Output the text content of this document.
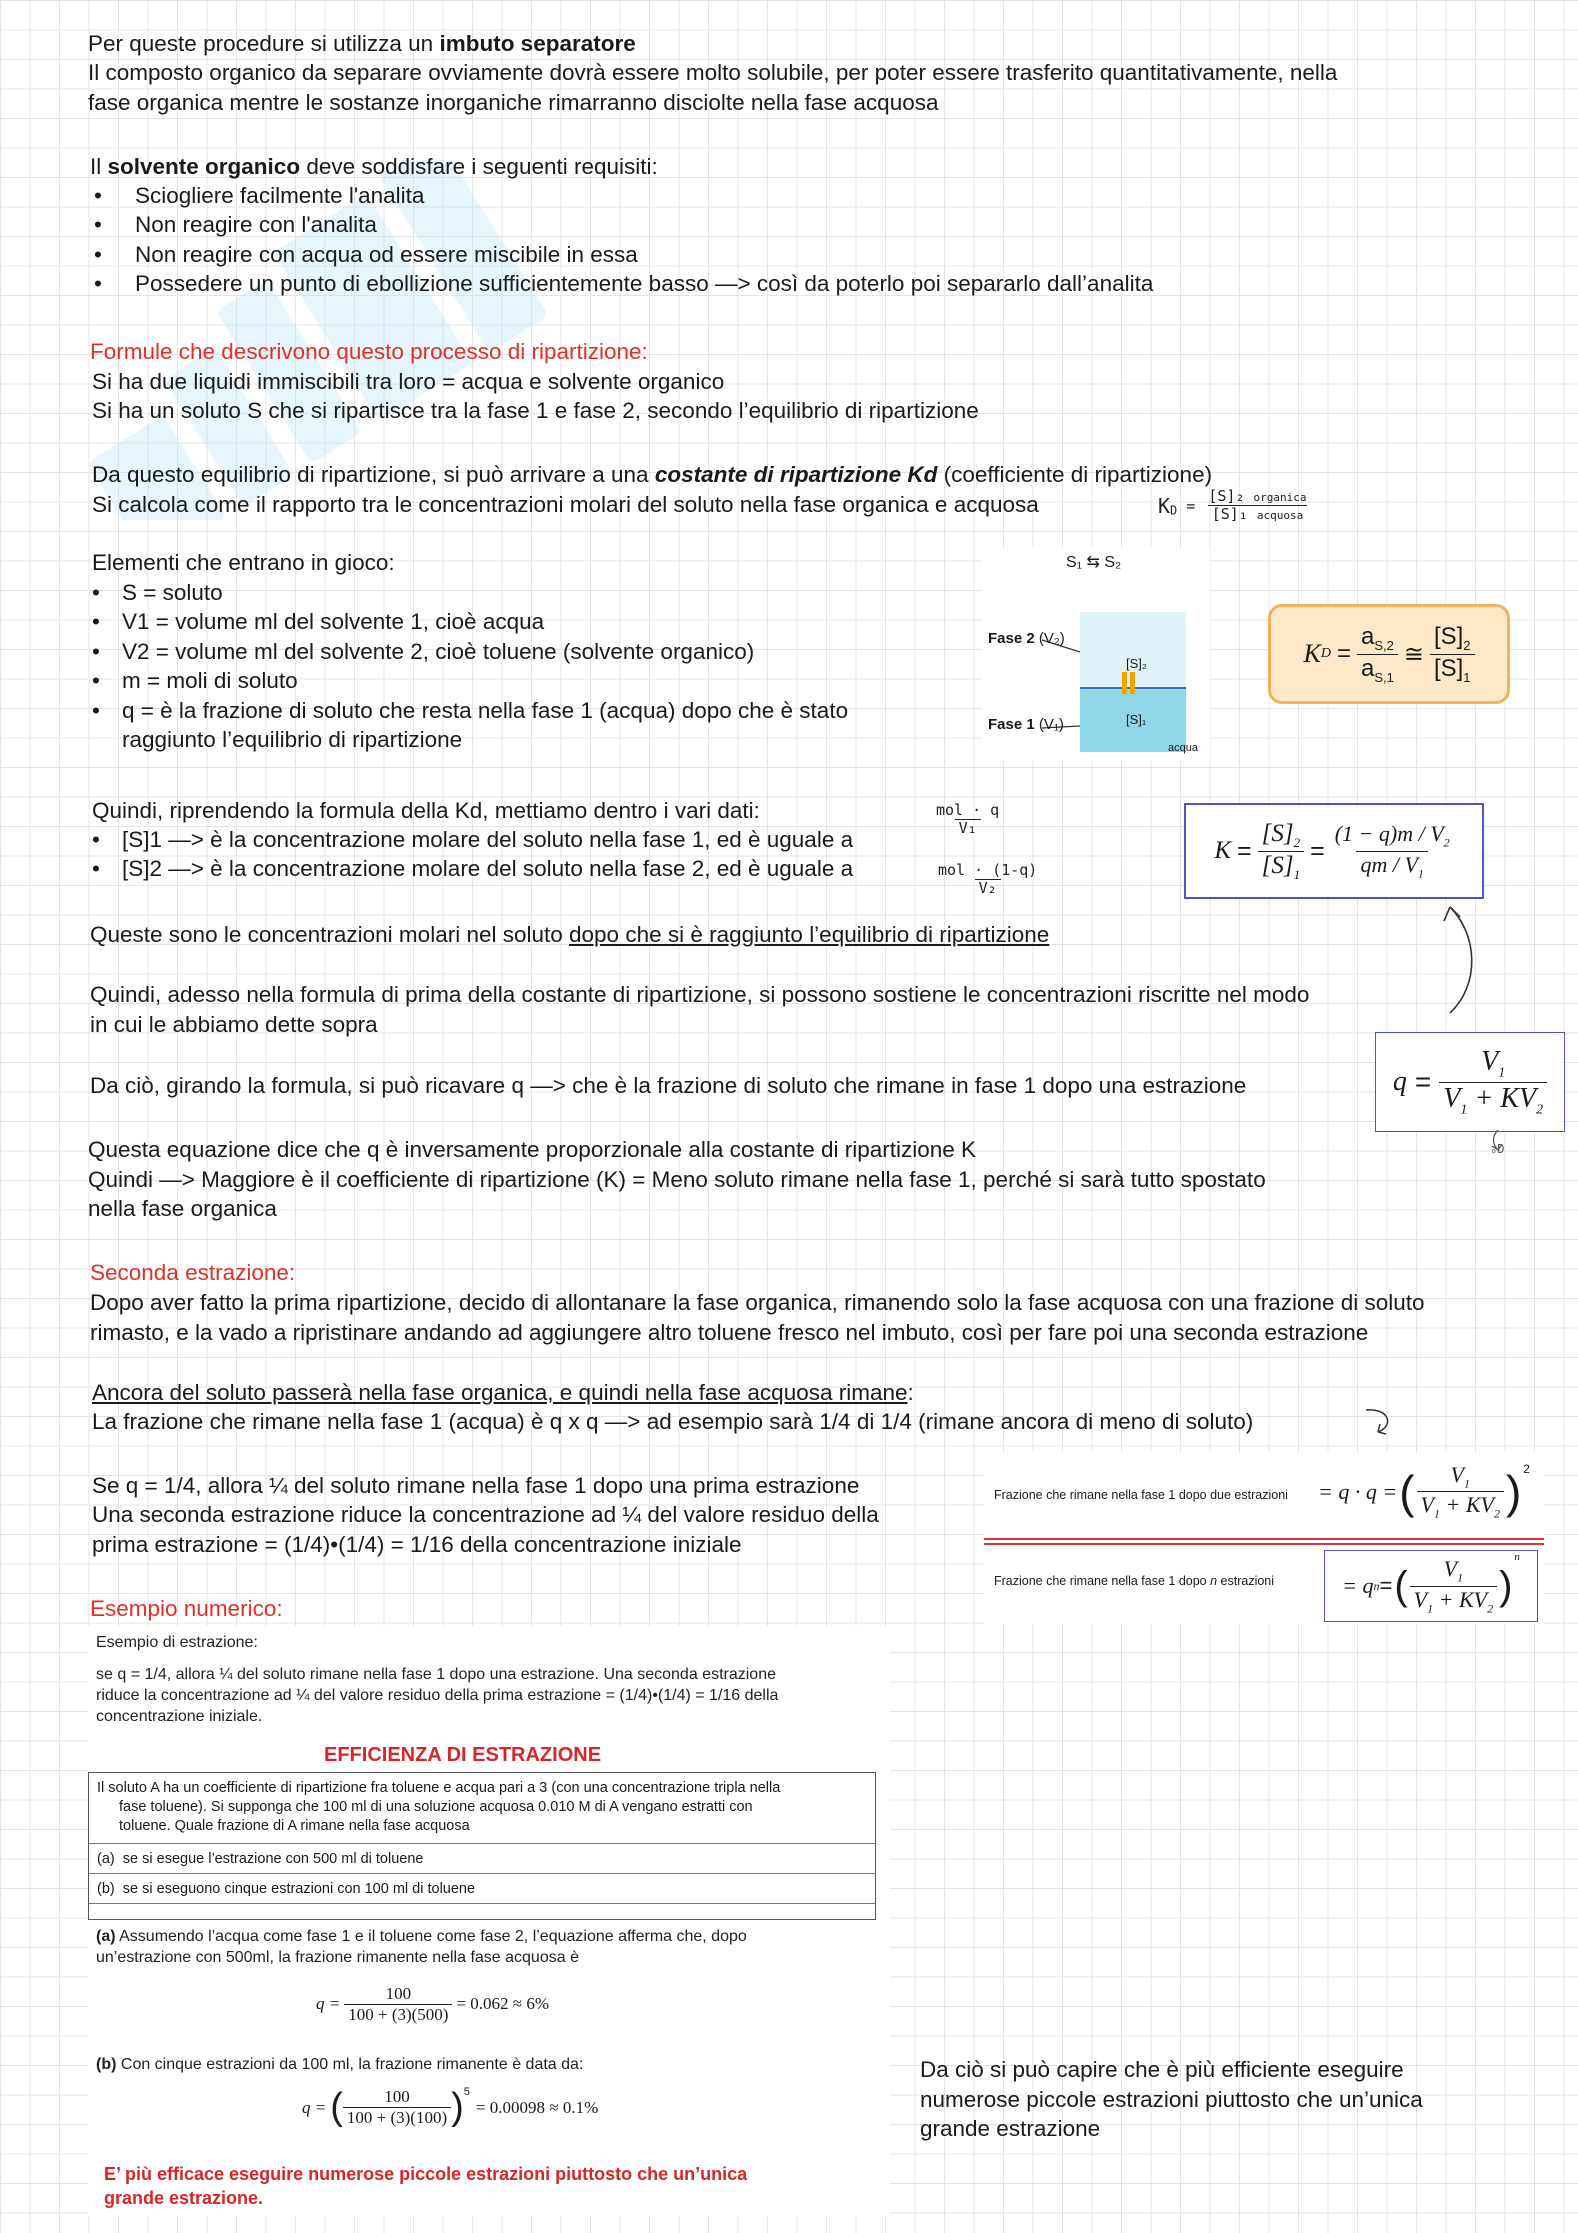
Per queste procedure si utilizza un imbuto separatore
Il composto organico da separare ovviamente dovrà essere molto solubile, per poter essere trasferito quantitativamente, nella
fase organica mentre le sostanze inorganiche rimarranno disciolte nella fase acquosa
Il solvente organico deve soddisfare i seguenti requisiti:
• Sciogliere facilmente l'analita
• Non reagire con l'analita
• Non reagire con acqua od essere miscibile in essa
• Possedere un punto di ebollizione sufficientemente basso —> così da poterlo poi separarlo dall’analita
Formule che descrivono questo processo di ripartizione:
Si ha due liquidi immiscibili tra loro = acqua e solvente organico
Si ha un soluto S che si ripartisce tra la fase 1 e fase 2, secondo l’equilibrio di ripartizione
Da questo equilibrio di ripartizione, si può arrivare a una costante di ripartizione Kd (coefficiente di ripartizione)
Si calcola come il rapporto tra le concentrazioni molari del soluto nella fase organica e acquosa	$K_D = \frac{\text{[S]₂ organica}}{\text{[S]₁ acquosa}}$
Elementi che entrano in gioco:
• S = soluto
• V1 = volume ml del solvente 1, cioè acqua
• V2 = volume ml del solvente 2, cioè toluene (solvente organico)
• m = moli di soluto
• q = è la frazione di soluto che resta nella fase 1 (acqua) dopo che è stato
raggiunto l’equilibrio di ripartizione
S₁ ⇆ S₂
Fase 2 (V₂)
Fase 1 (V₁)
[S]₂
[S]₁
acqua
K $D = \frac{a_{S,2}}{a_{S,1}}$ ≅ $\frac{[S]_2}{[S]_1}$
Quindi, riprendendo la formula della Kd, mettiamo dentro i vari dati:
• [S]1 —> è la concentrazione molare del soluto nella fase 1, ed è uguale a
• [S]2 —> è la concentrazione molare del soluto nella fase 2, ed è uguale a
$\frac{\text{mol · q}}{\text{V₁}}$
$\frac{\text{mol · (1-q)}}{\text{V₂}}$
Queste sono le concentrazioni molari nel soluto dopo che si è raggiunto l’equilibrio di ripartizione
$K = \frac{[S]_2}{[S]_1} = \frac{(1 - q)m / V_2}{qm / V_1}$
Quindi, adesso nella formula di prima della costante di ripartizione, si possono sostiene le concentrazioni riscritte nel modo
in cui le abbiamo dette sopra
Da ciò, girando la formula, si può ricavare q —> che è la frazione di soluto che rimane in fase 1 dopo una estrazione	$q = \frac{V_1}{V_1 + KV_2}$
ₒD
Questa equazione dice che q è inversamente proporzionale alla costante di ripartizione K
Quindi —> Maggiore è il coefficiente di ripartizione (K) = Meno soluto rimane nella fase 1, perché si sarà tutto spostato
nella fase organica
Seconda estrazione:
Dopo aver fatto la prima ripartizione, decido di allontanare la fase organica, rimanendo solo la fase acquosa con una frazione di soluto
rimasto, e la vado a ripristinare andando ad aggiungere altro toluene fresco nel imbuto, così per fare poi una seconda estrazione
Ancora del soluto passerà nella fase organica, e quindi nella fase acquosa rimane:
La frazione che rimane nella fase 1 (acqua) è q x q —> ad esempio sarà 1/4 di 1/4 (rimane ancora di meno di soluto)
Se q = 1/4, allora ¼ del soluto rimane nella fase 1 dopo una prima estrazione
Una seconda estrazione riduce la concentrazione ad ¼ del valore residuo della
prima estrazione = (1/4)•(1/4) = 1/16 della concentrazione iniziale
Frazione che rimane nella fase 1 dopo due estrazioni = q · q = ( $\frac{V_1}{V_1 + KV_2} )^2$
Frazione che rimane nella fase 1 dopo n estrazioni	= q n = ( $\frac{V_1}{V_1 + KV_2}$ )
n
Esempio numerico:
Esempio di estrazione:
se q = 1/4, allora ¼ del soluto rimane nella fase 1 dopo una estrazione. Una seconda estrazione
riduce la concentrazione ad ¼ del valore residuo della prima estrazione = (1/4)•(1/4) = 1/16 della
concentrazione iniziale.
EFFICIENZA DI ESTRAZIONE
Il soluto A ha un coefficiente di ripartizione fra toluene e acqua pari a 3 (con una concentrazione tripla nella
fase toluene). Si supponga che 100 ml di una soluzione acquosa 0.010 M di A vengano estratti con
toluene. Quale frazione di A rimane nella fase acquosa
(a) se si esegue l’estrazione con 500 ml di toluene
(b) se si eseguono cinque estrazioni con 100 ml di toluene
(a) Assumendo l’acqua come fase 1 e il toluene come fase 2, l’equazione afferma che, dopo
un’estrazione con 500ml, la frazione rimanente nella fase acquosa è
$q = \frac{100}{100 + (3)(500)} = 0.062 \approx 6\%$
(b) Con cinque estrazioni da 100 ml, la frazione rimanente è data da:
q = ( $\frac{100}{100 + (3)(100)} )^5$
= 0.00098 ≈ 0.1%
E’ più efficace eseguire numerose piccole estrazioni piuttosto che un’unica
grande estrazione.
Da ciò si può capire che è più efficiente eseguire
numerose piccole estrazioni piuttosto che un’unica
grande estrazione
